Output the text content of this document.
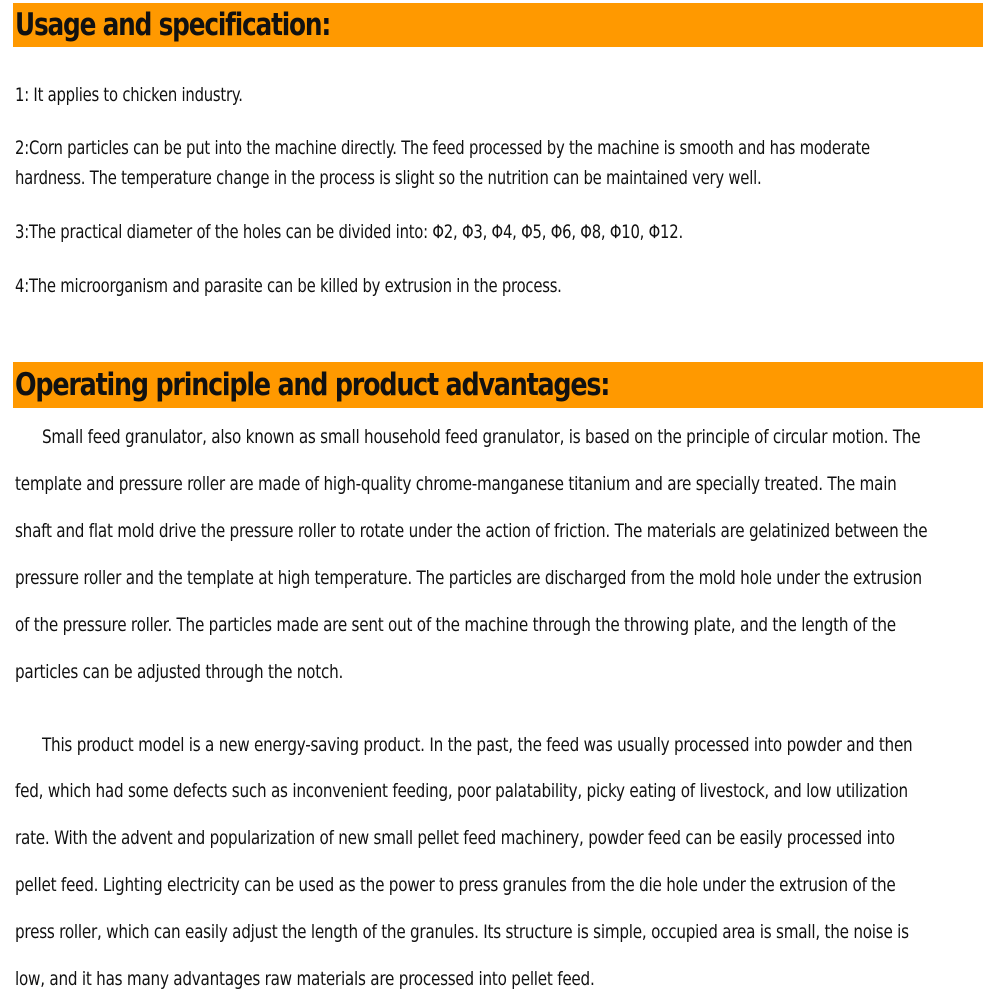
Usage and specification:

1: It applies to chicken industry.

2:Corn particles can be put into the machine directly. The feed processed by the machine is smooth and has moderate

hardness. The temperature change in the process is slight so the nutrition can be maintained very well.

3:The practical diameter of the holes can be divided into: Φ2, Φ3, Φ4, Φ5, Φ6, Φ8, Φ10, Φ12.

4:The microorganism and parasite can be killed by extrusion in the process.

Operating principle and product advantages:

Small feed granulator, also known as small household feed granulator, is based on the principle of circular motion. The

template and pressure roller are made of high-quality chrome-manganese titanium and are specially treated. The main

shaft and flat mold drive the pressure roller to rotate under the action of friction. The materials are gelatinized between the

pressure roller and the template at high temperature. The particles are discharged from the mold hole under the extrusion

of the pressure roller. The particles made are sent out of the machine through the throwing plate, and the length of the

particles can be adjusted through the notch.

This product model is a new energy-saving product. In the past, the feed was usually processed into powder and then

fed, which had some defects such as inconvenient feeding, poor palatability, picky eating of livestock, and low utilization

rate. With the advent and popularization of new small pellet feed machinery, powder feed can be easily processed into

pellet feed. Lighting electricity can be used as the power to press granules from the die hole under the extrusion of the

press roller, which can easily adjust the length of the granules. Its structure is simple, occupied area is small, the noise is

low, and it has many advantages raw materials are processed into pellet feed.
